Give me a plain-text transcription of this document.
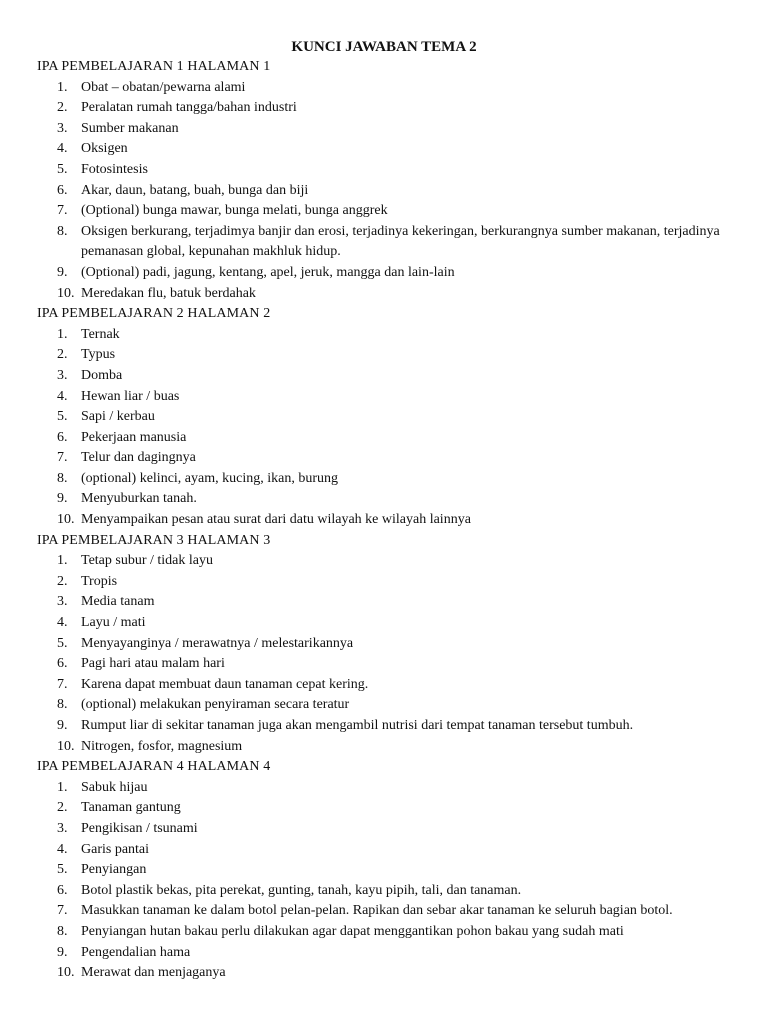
KUNCI JAWABAN TEMA 2
IPA PEMBELAJARAN 1 HALAMAN 1
1. Obat – obatan/pewarna alami
2. Peralatan rumah tangga/bahan industri
3. Sumber makanan
4. Oksigen
5. Fotosintesis
6. Akar, daun, batang, buah, bunga dan biji
7. (Optional) bunga mawar, bunga melati, bunga anggrek
8. Oksigen berkurang, terjadimya banjir dan erosi, terjadinya kekeringan, berkurangnya sumber makanan, terjadinya pemanasan global, kepunahan makhluk hidup.
9. (Optional) padi, jagung, kentang, apel, jeruk, mangga dan lain-lain
10. Meredakan flu, batuk berdahak
IPA PEMBELAJARAN 2 HALAMAN 2
1. Ternak
2. Typus
3. Domba
4. Hewan liar / buas
5. Sapi / kerbau
6. Pekerjaan manusia
7. Telur dan dagingnya
8. (optional) kelinci, ayam, kucing, ikan, burung
9. Menyuburkan tanah.
10. Menyampaikan pesan atau surat dari datu wilayah ke wilayah lainnya
IPA PEMBELAJARAN 3 HALAMAN 3
1. Tetap subur / tidak layu
2. Tropis
3. Media tanam
4. Layu / mati
5. Menyayanginya / merawatnya / melestarikannya
6. Pagi hari atau malam hari
7. Karena dapat membuat daun tanaman cepat kering.
8. (optional) melakukan penyiraman secara teratur
9. Rumput liar di sekitar tanaman juga akan mengambil nutrisi dari tempat tanaman tersebut tumbuh.
10. Nitrogen, fosfor, magnesium
IPA PEMBELAJARAN 4 HALAMAN 4
1. Sabuk hijau
2. Tanaman gantung
3. Pengikisan / tsunami
4. Garis pantai
5. Penyiangan
6. Botol plastik bekas, pita perekat, gunting, tanah, kayu pipih, tali, dan tanaman.
7. Masukkan tanaman ke dalam botol pelan-pelan. Rapikan dan sebar akar tanaman ke seluruh bagian botol.
8. Penyiangan hutan bakau perlu dilakukan agar dapat menggantikan pohon bakau yang sudah mati
9. Pengendalian hama
10. Merawat dan menjaganya
